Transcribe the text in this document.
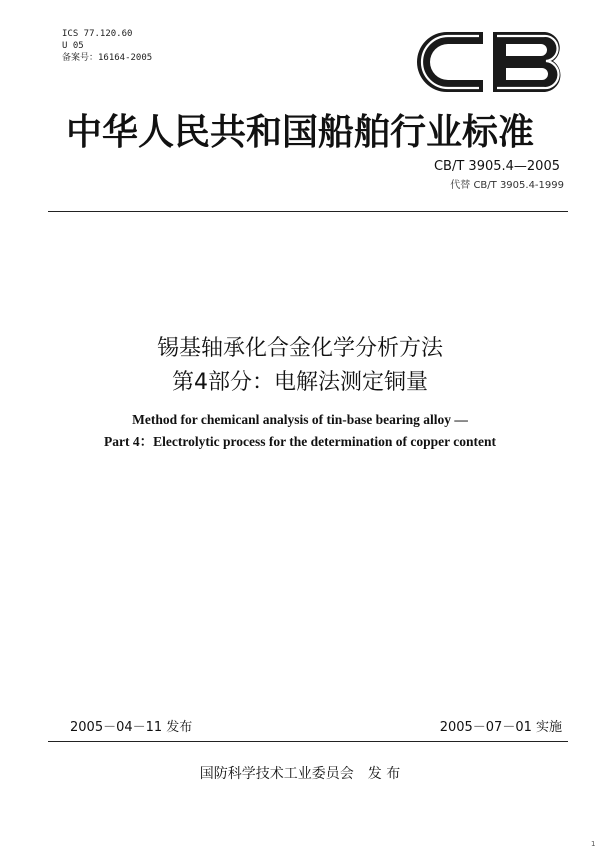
ICS 77.120.60
U 05
备案号：16164-2005
中华人民共和国船舶行业标准
CB/T 3905.4—2005
代替 CB/T 3905.4-1999
锡基轴承化合金化学分析方法
第4部分：电解法测定铜量
Method for chemicanl analysis of tin-base bearing alloy —
Part 4：Electrolytic process for the determination of copper content
2005－04－11 发布	2005－07－01 实施
国防科学技术工业委员会　发 布
1
